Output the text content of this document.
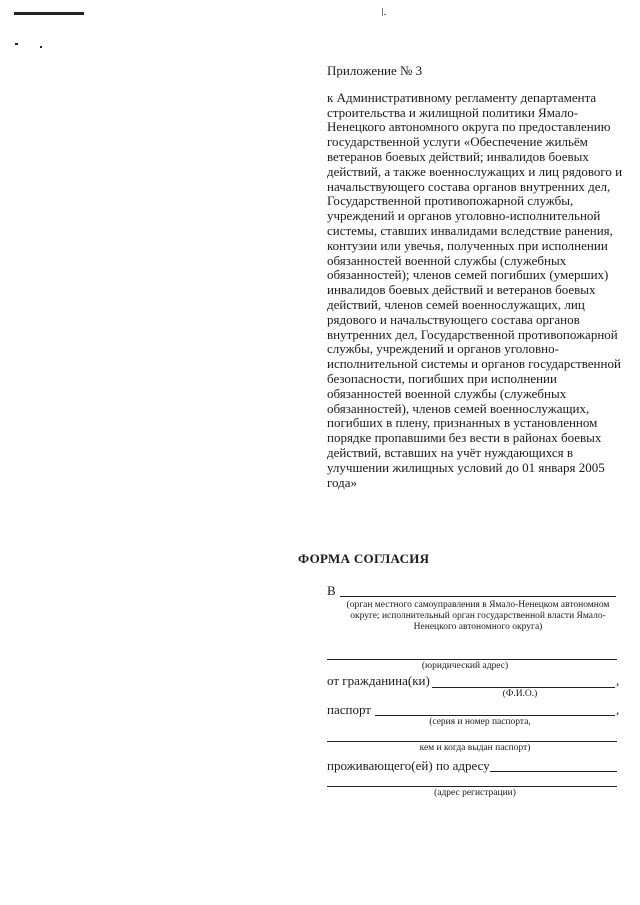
Приложение № 3

к Административному регламенту департамента строительства и жилищной политики Ямало-Ненецкого автономного округа по предоставлению государственной услуги «Обеспечение жильём ветеранов боевых действий; инвалидов боевых действий, а также военнослужащих и лиц рядового и начальствующего состава органов внутренних дел, Государственной противопожарной службы, учреждений и органов уголовно-исполнительной системы, ставших инвалидами вследствие ранения, контузии или увечья, полученных при исполнении обязанностей военной службы (служебных обязанностей); членов семей погибших (умерших) инвалидов боевых действий и ветеранов боевых действий, членов семей военнослужащих, лиц рядового и начальствующего состава органов внутренних дел, Государственной противопожарной службы, учреждений и органов уголовно-исполнительной системы и органов государственной безопасности, погибших при исполнении обязанностей военной службы (служебных обязанностей), членов семей военнослужащих, погибших в плену, признанных в установленном порядке пропавшими без вести в районах боевых действий, вставших на учёт нуждающихся в улучшении жилищных условий до 01 января 2005 года»

ФОРМА СОГЛАСИЯ
В
(орган местного самоуправления в Ямало-Ненецком автономном округе; исполнительный орган государственной власти Ямало-Ненецкого автономного округа)
(юридический адрес)
от гражданина(ки)	,
(Ф.И.О.)
паспорт	,
(серия и номер паспорта,
кем и когда выдан паспорт)
проживающего(ей) по адресу
(адрес регистрации)
